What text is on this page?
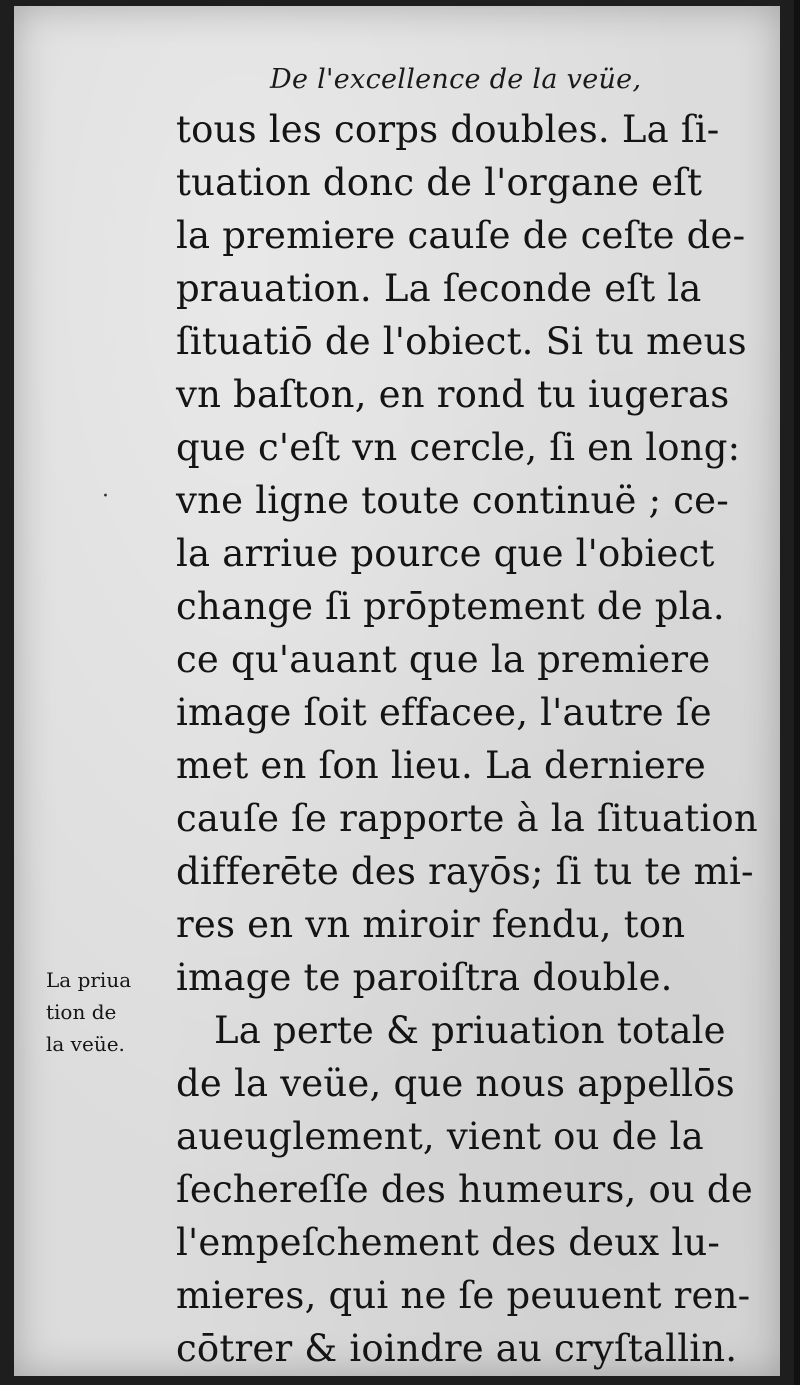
De l'excellence de la veüe,
tous les corps doubles. La ſi-
tuation donc de l'organe eſt
la premiere cauſe de ceſte de-
prauation. La ſeconde eſt la
ſituatiō de l'obiect. Si tu meus
vn baſton, en rond tu iugeras
que c'eſt vn cercle, ſi en long:
vne ligne toute continuë ; ce-
la arriue pource que l'obiect
change ſi prōptement de pla.
ce qu'auant que la premiere
image ſoit effacee, l'autre ſe
met en ſon lieu. La derniere
cauſe ſe rapporte à la ſituation
differēte des rayōs; ſi tu te mi-
res en vn miroir fendu, ton
image te paroiſtra double.
La perte & priuation totale
de la veüe, que nous appellōs
aueuglement, vient ou de la
ſechereſſe des humeurs, ou de
l'empeſchement des deux lu-
mieres, qui ne ſe peuuent ren-
cōtrer & ioindre au cryſtallin.
La priua
tion de
la veüe.
·
